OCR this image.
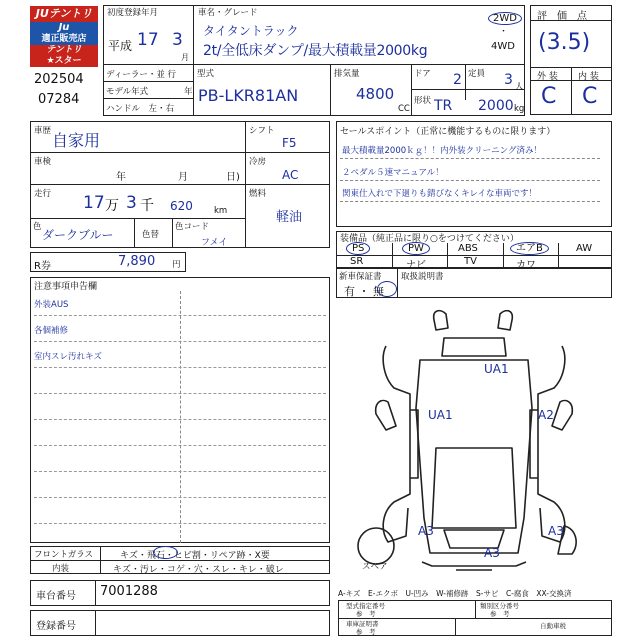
JUテントリ
Ju
適正販売店
テントリ
★スター
202504
07284
初度登録年月
平成 17 3
月
車名・グレード
タイタントラック
2t/全低床ダンプ/最大積載量2000kg
2WD
・
4WD
ディーラー・並 行
モデル年式	年
ハンドル　左・右
型式
PB-LKR81AN
排気量
4800
CC
ドア 2 定員 3 人
形状 TR 2000 kg
評　価　点
(3.5)
外 装 内 装
C C
車歴 自家用
車検
年	月	日)
走行 17 万 3 千 620 km
色
ダークブルー	色替
色コード
フメイ
シフト
F5
冷房
AC
燃料
軽油
R券	7,890 円
セールスポイント（正常に機能するものに限ります）
最大積載量2000ｋｇ！！内外装クリーニング済み！
２ペダル５速マニュアル！
関東仕入れで下廻りも錆びなくキレイな車両です！
装備品（純正品に限り○をつけてください）
PS	PW	ABS	エアB	AW
SR	ナビ	TV	カワ
新車保証書
有 ・ 無
取扱説明書
注意事項申告欄
外装AUS
各個補修
室内スレ汚れキズ
UA1
UA1	A2
A3	A3
A3
スペア
フロントガラス	キズ・飛石・ヒビ割・リペア跡・X要
内装	キズ・汚レ・コゲ・穴・スレ・キレ・破レ
車台番号 7001288
登録番号
A-キズ　E-エクボ　U-凹み　W-補修跡　S-サビ　C-腐食　XX-交換済
型式指定番号
参　考
類別区分番号
参　考
車庫証明書
参　考
自動車税
